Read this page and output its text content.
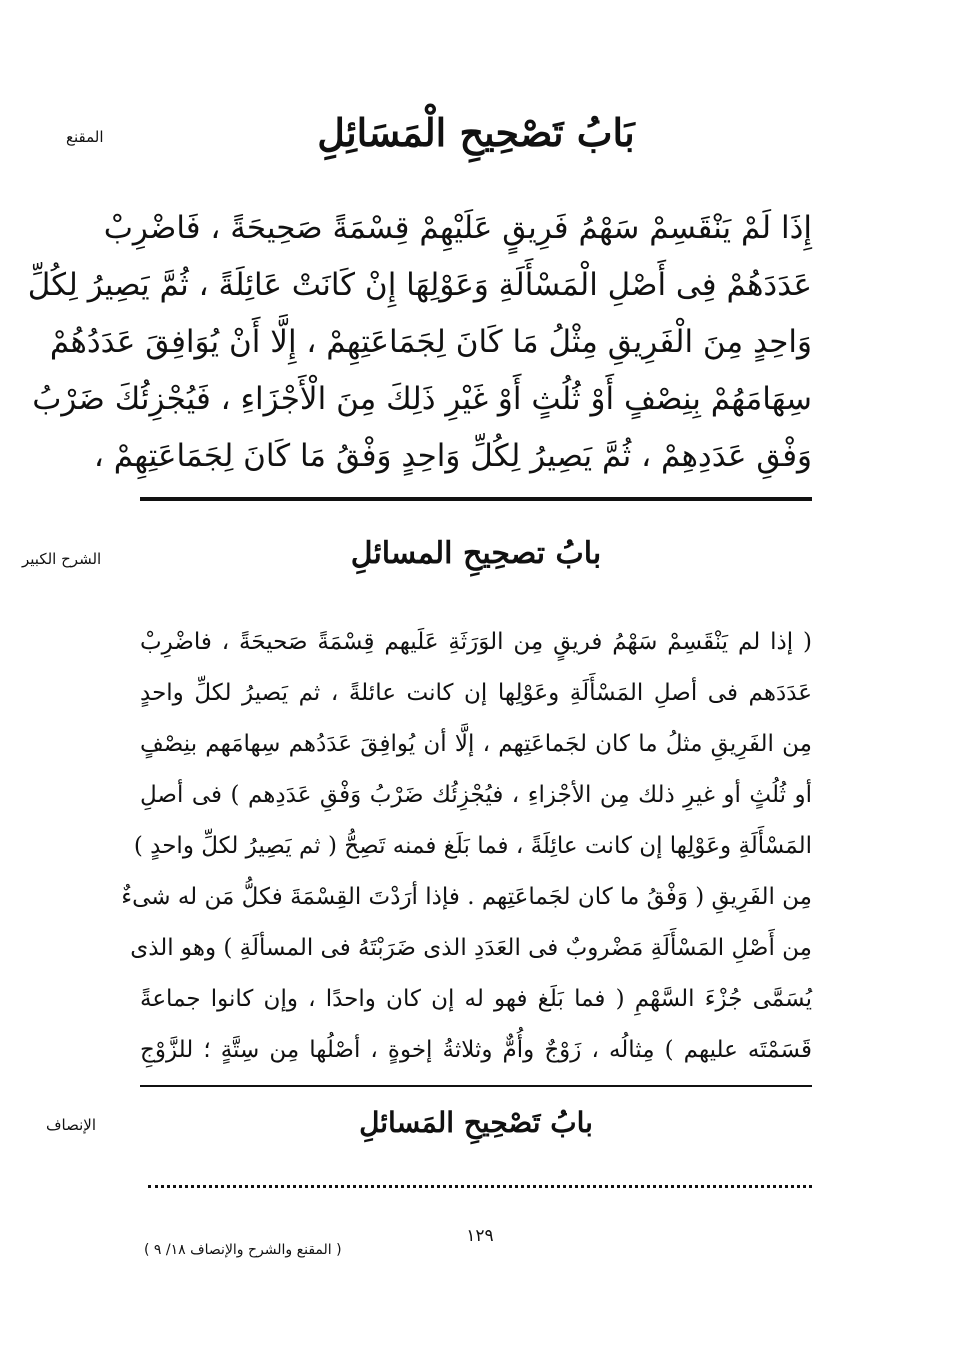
المقنع	بَابُ تَصْحِيحِ الْمَسَائِلِ
إِذَا لَمْ يَنْقَسِمْ سَهْمُ فَرِيقٍ عَلَيْهِمْ قِسْمَةً صَحِيحَةً ، فَاضْرِبْ
عَدَدَهُمْ فِى أَصْلِ الْمَسْأَلَةِ وَعَوْلِهَا إِنْ كَانَتْ عَائِلَةً ، ثُمَّ يَصِيرُ لِكُلِّ
وَاحِدٍ مِنَ الْفَرِيقِ مِثْلُ مَا كَانَ لِجَمَاعَتِهِمْ ، إِلَّا أَنْ يُوَافِقَ عَدَدُهُمْ
سِهَامَهُمْ بِنِصْفٍ أَوْ ثُلُثٍ أَوْ غَيْرِ ذَلِكَ مِنَ الْأَجْزَاءِ ، فَيُجْزِئُكَ ضَرْبُ
وَفْقِ عَدَدِهِمْ ، ثُمَّ يَصِيرُ لِكُلِّ وَاحِدٍ وَفْقُ مَا كَانَ لِجَمَاعَتِهِمْ ،
الشرح الكبير	بابُ تصحِيحِ المسائلِ
( إذا لم يَنْقَسِمْ سَهْمُ فريقٍ مِن الوَرَثَةِ عَلَيهم قِسْمَةً صَحيحَةً ، فاضْرِبْ
عَدَدَهم فى أصلِ المَسْأَلَةِ وعَوْلِها إن كانت عائلةً ، ثم يَصيرُ لكلِّ واحدٍ
مِن الفَرِيقِ مثلُ ما كان لجَماعَتِهم ، إلَّا أن يُوافِقَ عَدَدُهم سِهامَهم بنِصْفٍ
أو ثُلُثٍ أو غيرِ ذلك مِن الأجْزاءِ ، فيُجْزِئُك ضَرْبُ وَفْقِ عَدَدِهم ) فى أصلِ
المَسْأَلَةِ وعَوْلِها إن كانت عائِلَةً ، فما بَلَغ فمنه تَصِحُّ ( ثم يَصِيرُ لكلِّ واحدٍ )
مِن الفَرِيقِ ( وَفْقُ ما كان لجَماعَتِهم . فإذا أرَدْتَ القِسْمَةَ فكلُّ مَن له شىءٌ
مِن أَصْلِ المَسْأَلَةِ مَضْروبٌ فى العَدَدِ الذى ضَرَبْتَهُ فى المسألَةِ ) وهو الذى
يُسَمَّى جُزْءَ السَّهْمِ ( فما بَلَغ فهو له إن كان واحدًا ، وإن كانوا جماعةً
قَسَمْتَه عليهم ) مِثالُه ، زَوْجٌ وأُمٌّ وثلاثةُ إخوةٍ ، أصْلُها مِن سِتَّةٍ ؛ للزَّوْجِ
الإنصاف	بابُ تَصْحِيحِ المَسائلِ
١٢٩
( المقنع والشرح والإنصاف ١٨/ ٩ )
